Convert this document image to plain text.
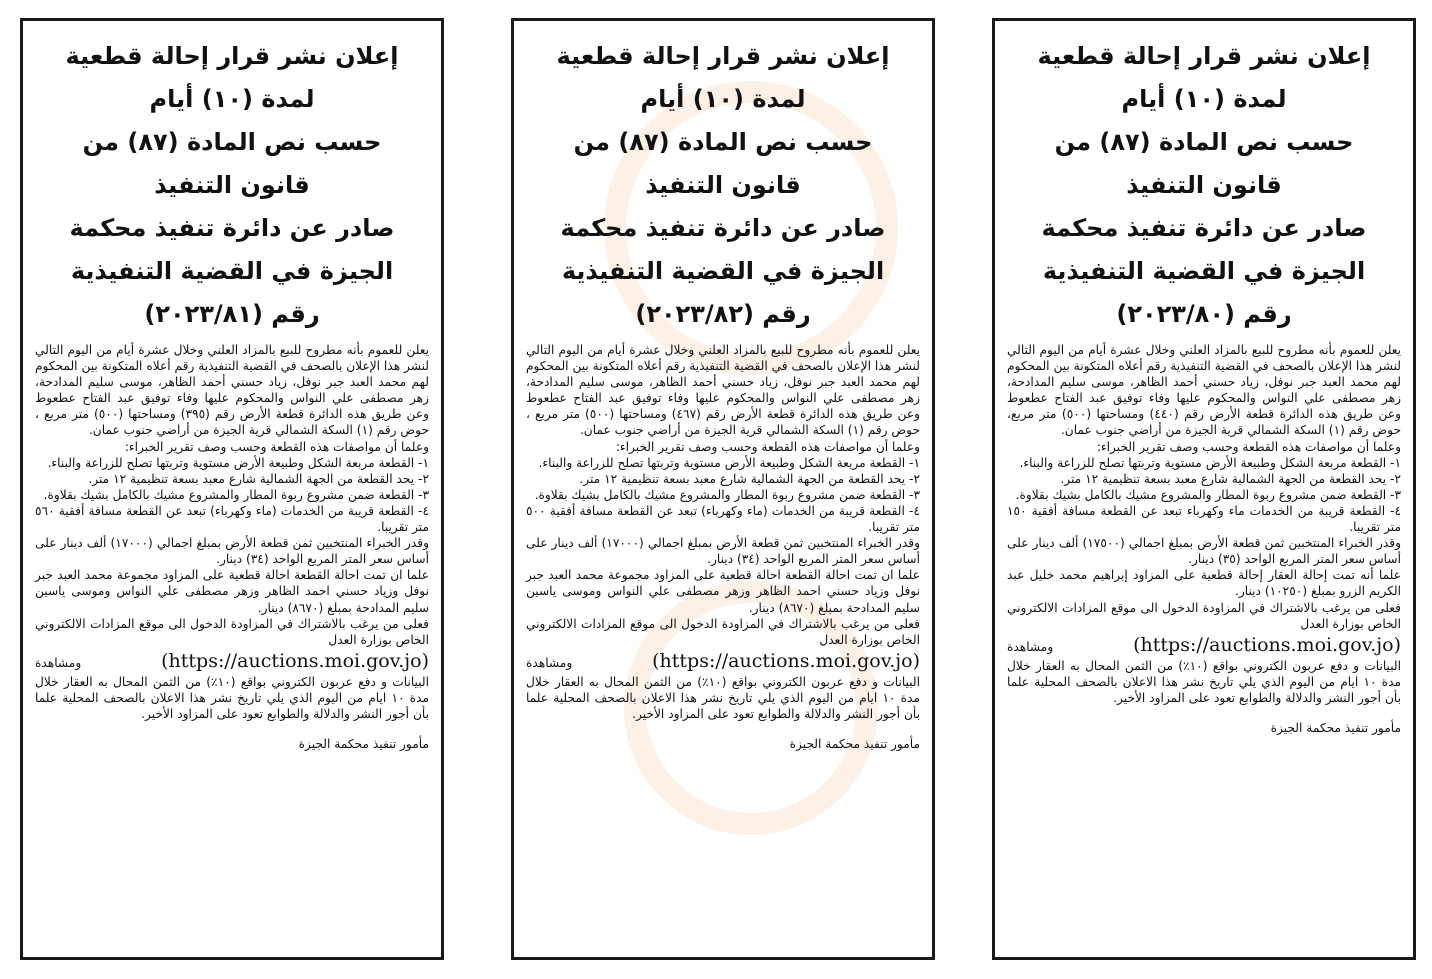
إعلان نشر قرار إحالة قطعية
لمدة (١٠) أيام
حسب نص المادة (٨٧) من
قانون التنفيذ
صادر عن دائرة تنفيذ محكمة
الجيزة في القضية التنفيذية
رقم (٢٠٢٣/٨١)

يعلن للعموم بأنه مطروح للبيع بالمزاد العلني وخلال عشرة أيام من اليوم التالي لنشر هذا الإعلان بالصحف في القضية التنفيذية رقم أعلاه المتكونة بين المحكوم لهم محمد العبد جبر نوفل، زياد حسني أحمد الظاهر، موسى سليم المدادحة، زهر مصطفى علي النواس والمحكوم عليها وفاء توفيق عبد الفتاح عطعوط وعن طريق هذه الدائرة قطعة الأرض رقم (٣٩٥) ومساحتها (٥٠٠) متر مربع ، حوض رقم (١) السكة الشمالي قرية الجيزة من أراضي جنوب عمان.

وعلما أن مواصفات هذه القطعة وحسب وصف تقرير الخبراء:

١- القطعة مربعة الشكل وطبيعة الأرض مستوية وتربتها تصلح للزراعة والبناء.

٢- يحد القطعة من الجهة الشمالية شارع معبد بسعة تنظيمية ١٢ متر.

٣- القطعة ضمن مشروع ربوة المطار والمشروع مشيك بالكامل بشيك بقلاوة.

٤- القطعة قريبة من الخدمات (ماء وكهرباء) تبعد عن القطعة مسافة أفقية ٥٦٠ متر تقريبا.

وقدر الخبراء المنتخبين ثمن قطعة الأرض بمبلغ اجمالي (١٧٠٠٠) ألف دينار على أساس سعر المتر المربع الواحد (٣٤) دينار.

علما ان تمت احالة القطعة احالة قطعية على المزاود مجموعة محمد العبد جبر نوفل وزياد حسني احمد الظاهر وزهر مصطفى علي النواس وموسى ياسين سليم المدادحة بمبلغ (٨٦٧٠) دينار.

فعلى من يرغب بالاشتراك في المزاودة الدخول الى موقع المزادات الالكتروني الخاص بوزارة العدل

ومشاهدة	(https://auctions.moi.gov.jo)

البيانات و دفع عربون الكتروني بواقع (١٠٪) من الثمن المحال به العقار خلال مدة ١٠ ايام من اليوم الذي يلي تاريخ نشر هذا الاعلان بالصحف المحلية علما بأن أجور النشر والدلالة والطوابع تعود على المزاود الأخير.

مأمور تنفيذ محكمة الجيزة
إعلان نشر قرار إحالة قطعية
لمدة (١٠) أيام
حسب نص المادة (٨٧) من
قانون التنفيذ
صادر عن دائرة تنفيذ محكمة
الجيزة في القضية التنفيذية
رقم (٢٠٢٣/٨٢)

يعلن للعموم بأنه مطروح للبيع بالمزاد العلني وخلال عشرة أيام من اليوم التالي لنشر هذا الإعلان بالصحف في القضية التنفيذية رقم أعلاه المتكونة بين المحكوم لهم محمد العبد جبر نوفل، زياد حسني أحمد الظاهر، موسى سليم المدادحة، زهر مصطفى علي النواس والمحكوم عليها وفاء توفيق عبد الفتاح عطعوط وعن طريق هذه الدائرة قطعة الأرض رقم (٤٦٧) ومساحتها (٥٠٠) متر مربع ، حوض رقم (١) السكة الشمالي قرية الجيزة من أراضي جنوب عمان.

وعلما أن مواصفات هذه القطعة وحسب وصف تقرير الخبراء:

١- القطعة مربعة الشكل وطبيعة الأرض مستوية وتربتها تصلح للزراعة والبناء.

٢- يحد القطعة من الجهة الشمالية شارع معبد بسعة تنظيمية ١٢ متر.

٣- القطعة ضمن مشروع ربوة المطار والمشروع مشيك بالكامل بشيك بقلاوة.

٤- القطعة قريبة من الخدمات (ماء وكهرباء) تبعد عن القطعة مسافة أفقية ٥٠٠ متر تقريبا.

وقدر الخبراء المنتخبين ثمن قطعة الأرض بمبلغ اجمالي (١٧٠٠٠) ألف دينار على أساس سعر المتر المربع الواحد (٣٤) دينار.

علما ان تمت احالة القطعة احالة قطعية على المزاود مجموعة محمد العبد جبر نوفل وزياد حسني احمد الظاهر وزهر مصطفى علي النواس وموسى ياسين سليم المدادحة بمبلغ (٨٦٧٠) دينار.

فعلى من يرغب بالاشتراك في المزاودة الدخول الى موقع المزادات الالكتروني الخاص بوزارة العدل

ومشاهدة	(https://auctions.moi.gov.jo)

البيانات و دفع عربون الكتروني بواقع (١٠٪) من الثمن المحال به العقار خلال مدة ١٠ ايام من اليوم الذي يلي تاريخ نشر هذا الاعلان بالصحف المحلية علما بأن أجور النشر والدلالة والطوابع تعود على المزاود الأخير.

مأمور تنفيذ محكمة الجيزة
إعلان نشر قرار إحالة قطعية
لمدة (١٠) أيام
حسب نص المادة (٨٧) من
قانون التنفيذ
صادر عن دائرة تنفيذ محكمة
الجيزة في القضية التنفيذية
رقم (٢٠٢٣/٨٠)

يعلن للعموم بأنه مطروح للبيع بالمزاد العلني وخلال عشرة أيام من اليوم التالي لنشر هذا الإعلان بالصحف في القضية التنفيذية رقم أعلاه المتكونة بين المحكوم لهم محمد العبد جبر نوفل، زياد حسني أحمد الظاهر، موسى سليم المدادحة، زهر مصطفى علي النواس والمحكوم عليها وفاء توفيق عبد الفتاح عطعوط وعن طريق هذه الدائرة قطعة الأرض رقم (٤٤٠) ومساحتها (٥٠٠) متر مربع، حوض رقم (١) السكة الشمالي قرية الجيزة من أراضي جنوب عمان.

وعلما أن مواصفات هذه القطعة وحسب وصف تقرير الخبراء:

١- القطعة مربعة الشكل وطبيعة الأرض مستوية وتربتها تصلح للزراعة والبناء.

٢- يحد القطعة من الجهة الشمالية شارع معبد بسعة تنظيمية ١٢ متر.

٣- القطعة ضمن مشروع ربوة المطار والمشروع مشيك بالكامل بشيك بقلاوة.

٤- القطعة قريبة من الخدمات ماء وكهرباء تبعد عن القطعة مسافة أفقية ١٥٠ متر تقريبا.

وقدر الخبراء المنتخبين ثمن قطعة الأرض بمبلغ اجمالي (١٧٥٠٠) ألف دينار على أساس سعر المتر المربع الواحد (٣٥) دينار.

علما أنه تمت إحالة العقار إحالة قطعية على المزاود إبراهيم محمد خليل عبد الكريم الزرو بمبلغ (١٠٢٥٠) دينار.

فعلى من يرغب بالاشتراك في المزاودة الدخول الى موقع المزادات الالكتروني الخاص بوزارة العدل

ومشاهدة	(https://auctions.moi.gov.jo)

البيانات و دفع عربون الكتروني بواقع (١٠٪) من الثمن المحال به العقار خلال مدة ١٠ ايام من اليوم الذي يلي تاريخ نشر هذا الاعلان بالصحف المحلية علما بأن أجور النشر والدلالة والطوابع تعود على المزاود الأخير.

مأمور تنفيذ محكمة الجيزة
